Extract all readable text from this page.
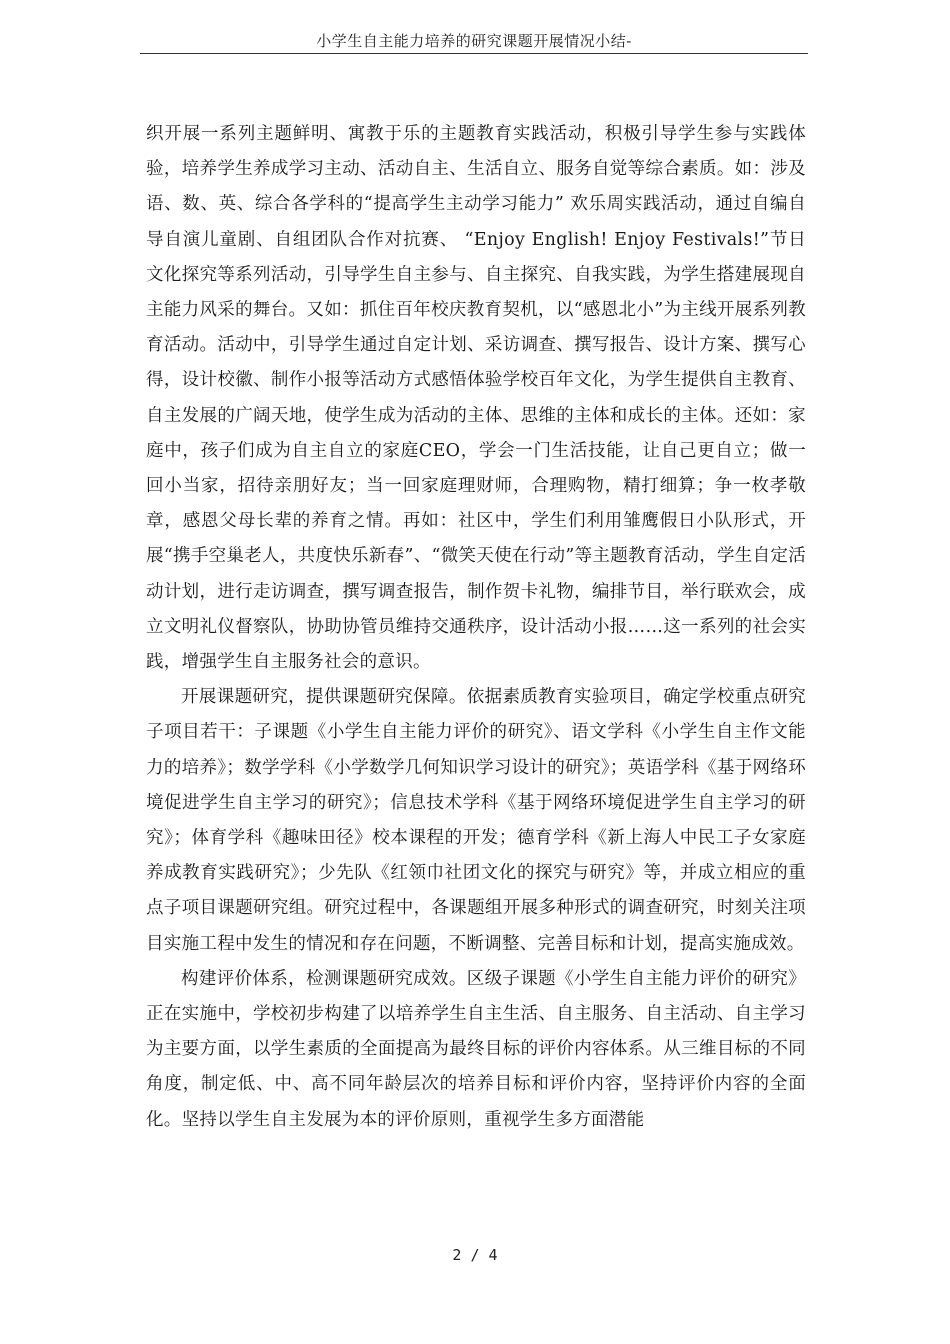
小学生自主能力培养的研究课题开展情况小结-

织开展一系列主题鲜明、寓教于乐的主题教育实践活动，积极引导学生参与实践体验，培养学生养成学习主动、活动自主、生活自立、服务自觉等综合素质。如：涉及语、数、英、综合各学科的“提高学生主动学习能力” 欢乐周实践活动，通过自编自导自演儿童剧、自组团队合作对抗赛、 “Enjoy English! Enjoy Festivals!”节日文化探究等系列活动，引导学生自主参与、自主探究、自我实践，为学生搭建展现自主能力风采的舞台。又如：抓住百年校庆教育契机，以“感恩北小”为主线开展系列教育活动。活动中，引导学生通过自定计划、采访调查、撰写报告、设计方案、撰写心得，设计校徽、制作小报等活动方式感悟体验学校百年文化，为学生提供自主教育、自主发展的广阔天地，使学生成为活动的主体、思维的主体和成长的主体。还如：家庭中，孩子们成为自主自立的家庭CEO，学会一门生活技能，让自己更自立；做一回小当家，招待亲朋好友；当一回家庭理财师，合理购物，精打细算；争一枚孝敬章，感恩父母长辈的养育之情。再如：社区中，学生们利用雏鹰假日小队形式，开展“携手空巢老人，共度快乐新春”、“微笑天使在行动”等主题教育活动，学生自定活动计划，进行走访调查，撰写调查报告，制作贺卡礼物，编排节目，举行联欢会，成立文明礼仪督察队，协助协管员维持交通秩序，设计活动小报……这一系列的社会实践，增强学生自主服务社会的意识。

开展课题研究，提供课题研究保障。依据素质教育实验项目，确定学校重点研究子项目若干：子课题《小学生自主能力评价的研究》、语文学科《小学生自主作文能力的培养》；数学学科《小学数学几何知识学习设计的研究》；英语学科《基于网络环境促进学生自主学习的研究》；信息技术学科《基于网络环境促进学生自主学习的研究》；体育学科《趣味田径》校本课程的开发；德育学科《新上海人中民工子女家庭养成教育实践研究》；少先队《红领巾社团文化的探究与研究》等，并成立相应的重点子项目课题研究组。研究过程中，各课题组开展多种形式的调查研究，时刻关注项目实施工程中发生的情况和存在问题，不断调整、完善目标和计划，提高实施成效。

构建评价体系，检测课题研究成效。区级子课题《小学生自主能力评价的研究》正在实施中，学校初步构建了以培养学生自主生活、自主服务、自主活动、自主学习为主要方面，以学生素质的全面提高为最终目标的评价内容体系。从三维目标的不同角度，制定低、中、高不同年龄层次的培养目标和评价内容，坚持评价内容的全面化。坚持以学生自主发展为本的评价原则，重视学生多方面潜能

2 / 4
